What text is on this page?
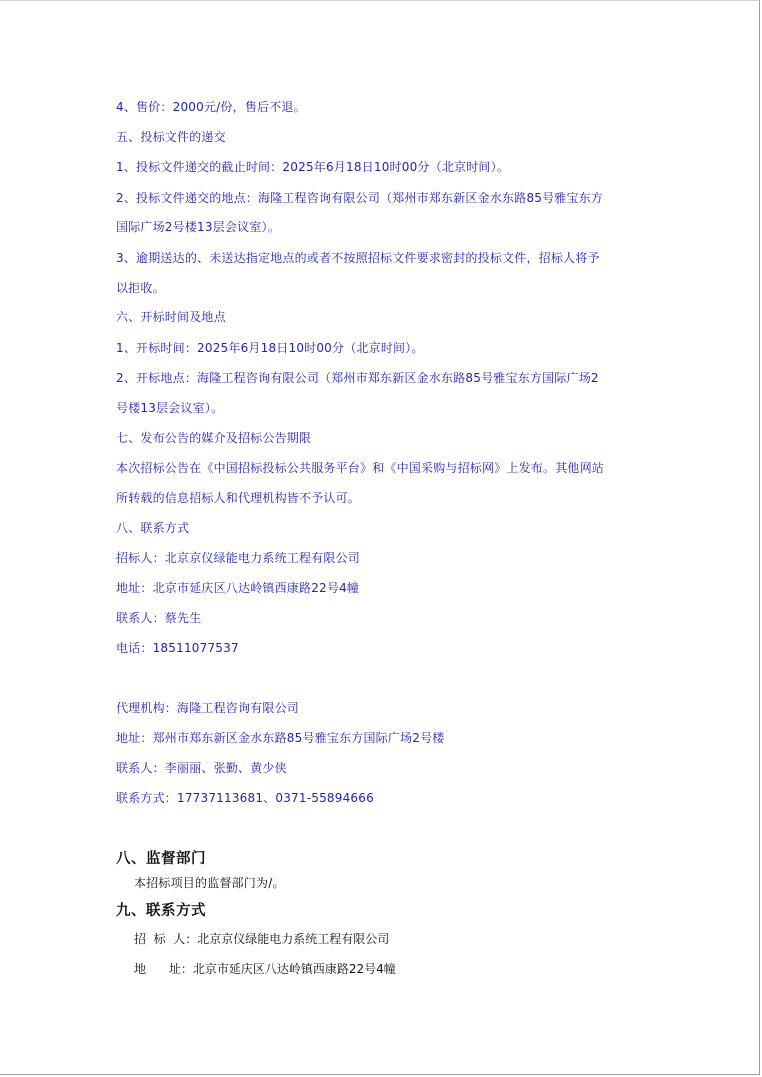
4、售价：2000元/份，售后不退。
五、投标文件的递交
1、投标文件递交的截止时间：2025年6月18日10时00分（北京时间）。
2、投标文件递交的地点：海隆工程咨询有限公司（郑州市郑东新区金水东路85号雅宝东方
国际广场2号楼13层会议室）。
3、逾期送达的、未送达指定地点的或者不按照招标文件要求密封的投标文件，招标人将予
以拒收。
六、开标时间及地点
1、开标时间：2025年6月18日10时00分（北京时间）。
2、开标地点：海隆工程咨询有限公司（郑州市郑东新区金水东路85号雅宝东方国际广场2
号楼13层会议室）。
七、发布公告的媒介及招标公告期限
本次招标公告在《中国招标投标公共服务平台》和《中国采购与招标网》上发布。其他网站
所转载的信息招标人和代理机构皆不予认可。
八、联系方式
招标人：北京京仪绿能电力系统工程有限公司
地址：北京市延庆区八达岭镇西康路22号4幢
联系人：蔡先生
电话：18511077537
代理机构：海隆工程咨询有限公司
地址：郑州市郑东新区金水东路85号雅宝东方国际广场2号楼
联系人：李丽丽、张勤、黄少侠
联系方式：17737113681、0371-55894666
八、监督部门
本招标项目的监督部门为/。
九、联系方式
招  标  人：北京京仪绿能电力系统工程有限公司
地      址：北京市延庆区八达岭镇西康路22号4幢
